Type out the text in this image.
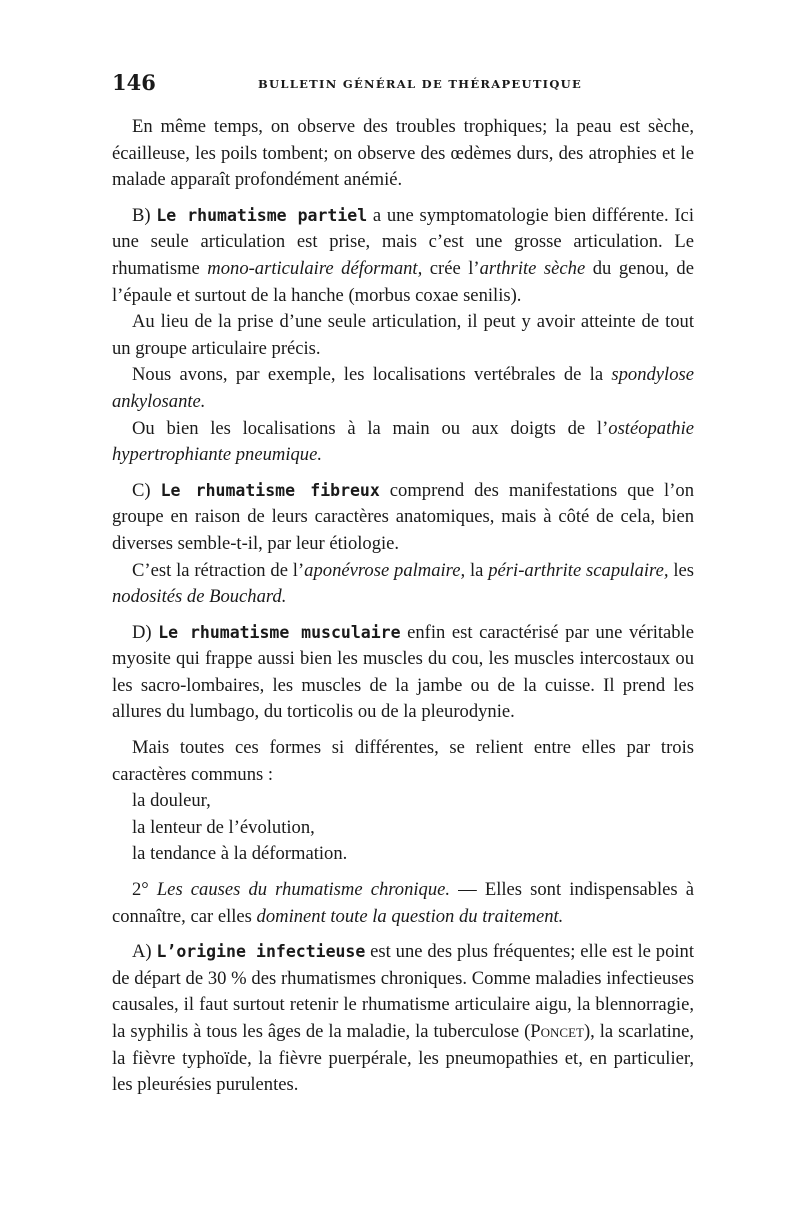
146	BULLETIN GÉNÉRAL DE THÉRAPEUTIQUE

En même temps, on observe des troubles trophiques; la peau est sèche, écailleuse, les poils tombent; on observe des œdèmes durs, des atrophies et le malade apparaît profondément anémié.

B) Le rhumatisme partiel a une symptomatologie bien différente. Ici une seule articulation est prise, mais c’est une grosse articulation. Le rhumatisme mono-articulaire déformant, crée l’arthrite sèche du genou, de l’épaule et surtout de la hanche (morbus coxae senilis).

Au lieu de la prise d’une seule articulation, il peut y avoir atteinte de tout un groupe articulaire précis.

Nous avons, par exemple, les localisations vertébrales de la spondylose ankylosante.

Ou bien les localisations à la main ou aux doigts de l’ostéopathie hypertrophiante pneumique.

C) Le rhumatisme fibreux comprend des manifestations que l’on groupe en raison de leurs caractères anatomiques, mais à côté de cela, bien diverses semble-t-il, par leur étiologie.

C’est la rétraction de l’aponévrose palmaire, la péri-arthrite scapulaire, les nodosités de Bouchard.

D) Le rhumatisme musculaire enfin est caractérisé par une véritable myosite qui frappe aussi bien les muscles du cou, les muscles intercostaux ou les sacro-lombaires, les muscles de la jambe ou de la cuisse. Il prend les allures du lumbago, du torticolis ou de la pleurodynie.

Mais toutes ces formes si différentes, se relient entre elles par trois caractères communs :

la douleur,

la lenteur de l’évolution,

la tendance à la déformation.

2° Les causes du rhumatisme chronique. — Elles sont indispensables à connaître, car elles dominent toute la question du traitement.

A) L’origine infectieuse est une des plus fréquentes; elle est le point de départ de 30 % des rhumatismes chroniques. Comme maladies infectieuses causales, il faut surtout retenir le rhumatisme articulaire aigu, la blennorragie, la syphilis à tous les âges de la maladie, la tuberculose (Poncet), la scarlatine, la fièvre typhoïde, la fièvre puerpérale, les pneumopathies et, en particulier, les pleurésies purulentes.
